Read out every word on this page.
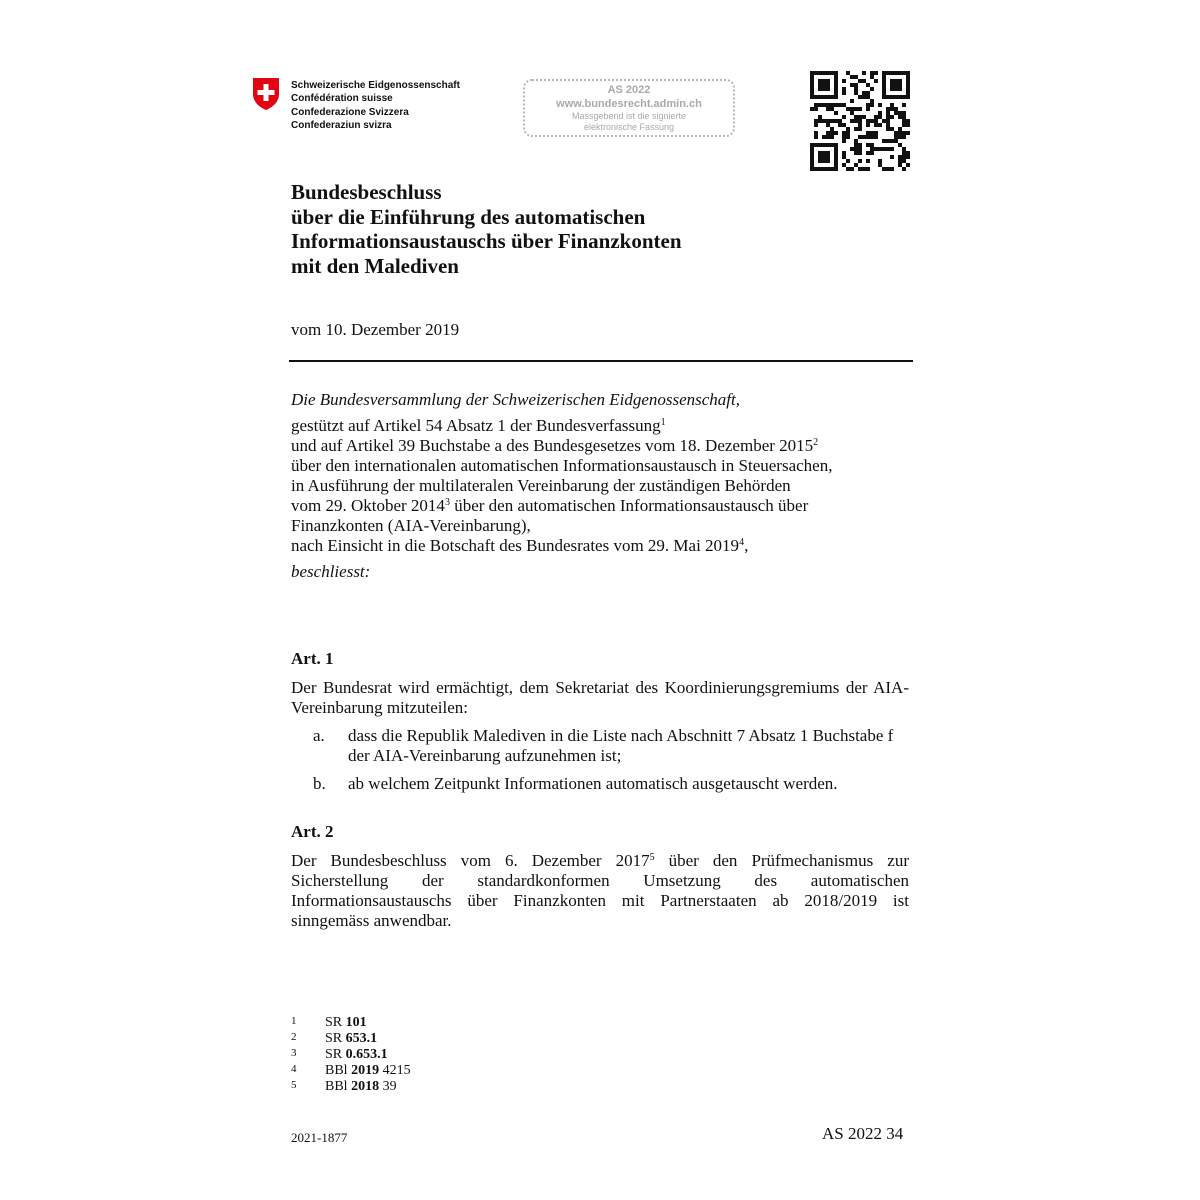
Schweizerische Eidgenossenschaft
Confédération suisse
Confederazione Svizzera
Confederaziun svizra
AS 2022
www.bundesrecht.admin.ch
Massgebend ist die signierte
elektronische Fassung
Bundesbeschluss
über die Einführung des automatischen
Informationsaustauschs über Finanzkonten
mit den Malediven
vom 10. Dezember 2019
Die Bundesversammlung der Schweizerischen Eidgenossenschaft,
gestützt auf Artikel 54 Absatz 1 der Bundesverfassung$^1$
und auf Artikel 39 Buchstabe a des Bundesgesetzes vom 18. Dezember 2015$^2$
über den internationalen automatischen Informationsaustausch in Steuersachen,
in Ausführung der multilateralen Vereinbarung der zuständigen Behörden
vom 29. Oktober 2014$^3$ über den automatischen Informationsaustausch über
Finanzkonten (AIA-Vereinbarung),
nach Einsicht in die Botschaft des Bundesrates vom 29. Mai 2019$^4$,
beschliesst:
Art. 1
Der Bundesrat wird ermächtigt, dem Sekretariat des Koordinierungsgremiums der AIA-Vereinbarung mitzuteilen:
a. dass die Republik Malediven in die Liste nach Abschnitt 7 Absatz 1 Buchstabe f der AIA-Vereinbarung aufzunehmen ist;
b. ab welchem Zeitpunkt Informationen automatisch ausgetauscht werden.
Art. 2
Der Bundesbeschluss vom 6. Dezember 2017$^5$ über den Prüfmechanismus zur Sicherstellung der standardkonformen Umsetzung des automatischen Informationsaustauschs über Finanzkonten mit Partnerstaaten ab 2018/2019 ist sinngemäss anwendbar.
1 SR 101
2 SR 653.1
3 SR 0.653.1
4 BBl 2019 4215
5 BBl 2018 39
2021-1877	AS 2022 34
